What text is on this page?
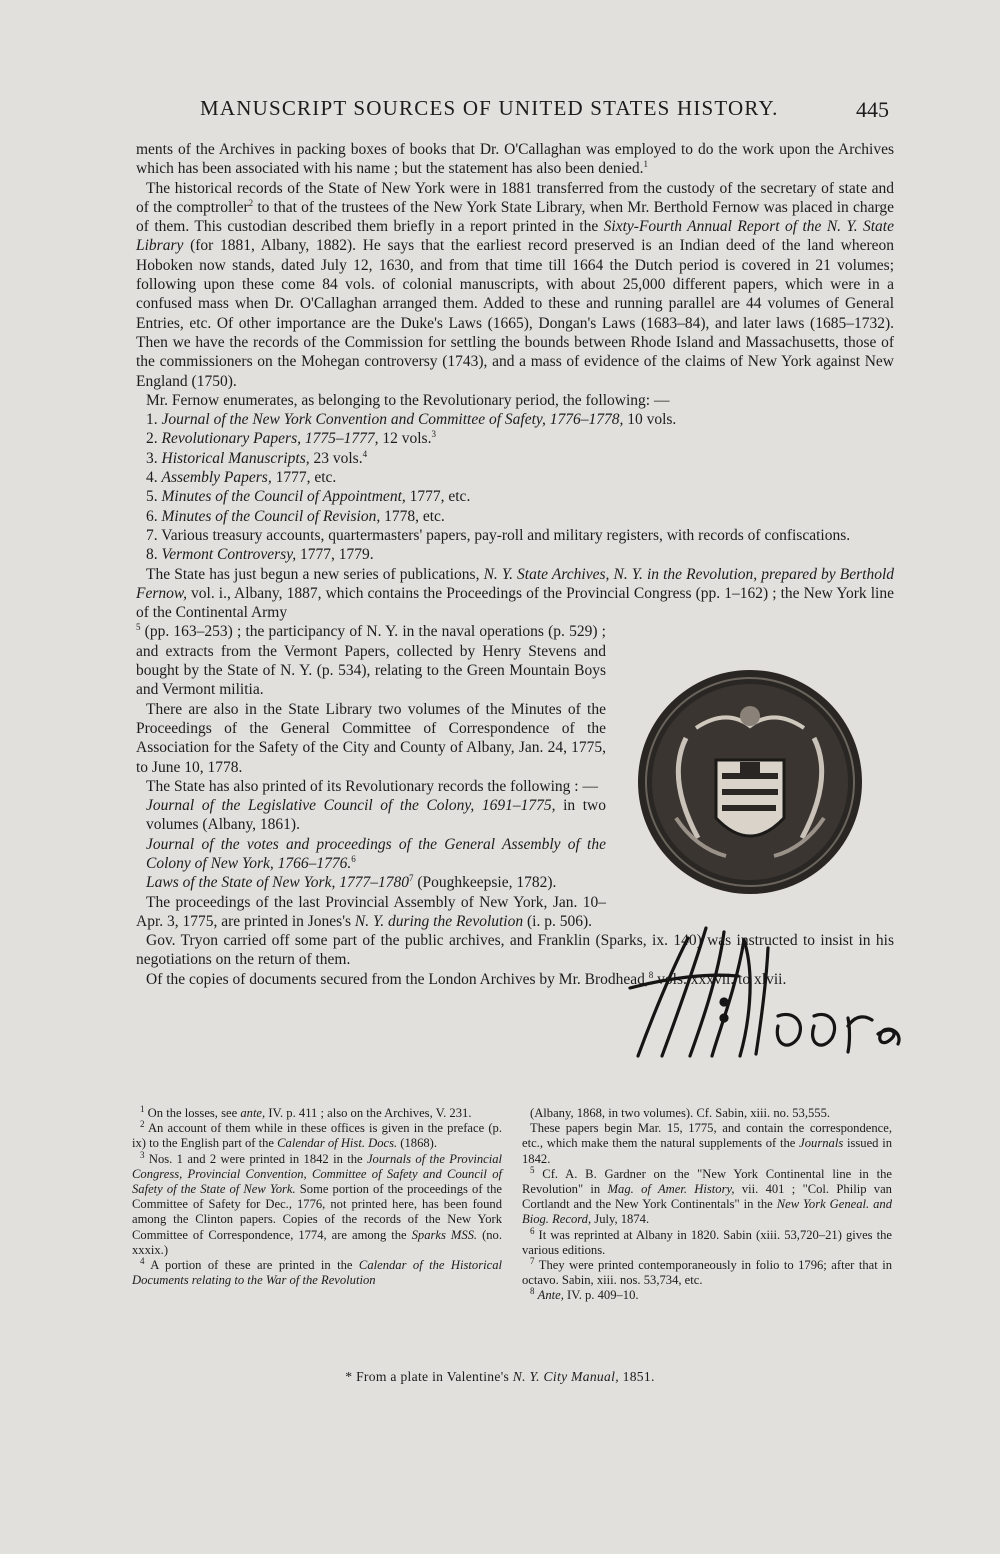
MANUSCRIPT SOURCES OF UNITED STATES HISTORY.	445

ments of the Archives in packing boxes of books that Dr. O'Callaghan was employed to do the work upon the Archives which has been associated with his name ; but the statement has also been denied.$^1$

The historical records of the State of New York were in 1881 transferred from the custody of the secretary of state and of the comptroller$^2$ to that of the trustees of the New York State Library, when Mr. Berthold Fernow was placed in charge of them. This custodian described them briefly in a report printed in the Sixty-Fourth Annual Report of the N. Y. State Library (for 1881, Albany, 1882). He says that the earliest record preserved is an Indian deed of the land whereon Hoboken now stands, dated July 12, 1630, and from that time till 1664 the Dutch period is covered in 21 volumes; following upon these come 84 vols. of colonial manuscripts, with about 25,000 different papers, which were in a confused mass when Dr. O'Callaghan arranged them. Added to these and running parallel are 44 volumes of General Entries, etc. Of other importance are the Duke's Laws (1665), Dongan's Laws (1683–84), and later laws (1685–1732). Then we have the records of the Commission for settling the bounds between Rhode Island and Massachusetts, those of the commissioners on the Mohegan controversy (1743), and a mass of evidence of the claims of New York against New England (1750).

Mr. Fernow enumerates, as belonging to the Revolutionary period, the following: —

1. Journal of the New York Convention and Committee of Safety, 1776–1778, 10 vols.

2. Revolutionary Papers, 1775–1777, 12 vols.$^3$

3. Historical Manuscripts, 23 vols.$^4$

4. Assembly Papers, 1777, etc.

5. Minutes of the Council of Appointment, 1777, etc.

6. Minutes of the Council of Revision, 1778, etc.

7. Various treasury accounts, quartermasters' papers, pay-roll and military registers, with records of confiscations.

8. Vermont Controversy, 1777, 1779.

The State has just begun a new series of publications, N. Y. State Archives, N. Y. in the Revolution, prepared by Berthold Fernow, vol. i., Albany, 1887, which contains the Proceedings of the Provincial Congress (pp. 1–162) ; the New York line of the Continental Army

$^5$ (pp. 163–253) ; the participancy of N. Y. in the naval operations (p. 529) ; and extracts from the Vermont Papers, collected by Henry Stevens and bought by the State of N. Y. (p. 534), relating to the Green Mountain Boys and Vermont militia.

There are also in the State Library two volumes of the Minutes of the Proceedings of the General Committee of Correspondence of the Association for the Safety of the City and County of Albany, Jan. 24, 1775, to June 10, 1778.

The State has also printed of its Revolutionary records the following : —

Journal of the Legislative Council of the Colony, 1691–1775, in two volumes (Albany, 1861).

Journal of the votes and proceedings of the General Assembly of the Colony of New York, 1766–1776.$^6$

Laws of the State of New York, 1777–1780$^7$ (Poughkeepsie, 1782).

The proceedings of the last Provincial Assembly of New York, Jan. 10–Apr. 3, 1775, are printed in Jones's N. Y. during the Revolution (i. p. 506).

Gov. Tryon carried off some part of the public archives, and Franklin (Sparks, ix. 140) was instructed to insist in his negotiations on the return of them.

Of the copies of documents secured from the London Archives by Mr. Brodhead,$^8$ vols. xxxvii. to xlvii.

$^1$ On the losses, see ante, IV. p. 411 ; also on the Archives, V. 231.

$^2$ An account of them while in these offices is given in the preface (p. ix) to the English part of the Calendar of Hist. Docs. (1868).

$^3$ Nos. 1 and 2 were printed in 1842 in the Journals of the Provincial Congress, Provincial Convention, Committee of Safety and Council of Safety of the State of New York. Some portion of the proceedings of the Committee of Safety for Dec., 1776, not printed here, has been found among the Clinton papers. Copies of the records of the New York Committee of Correspondence, 1774, are among the Sparks MSS. (no. xxxix.)

$^4$ A portion of these are printed in the Calendar of the Historical Documents relating to the War of the Revolution

(Albany, 1868, in two volumes). Cf. Sabin, xiii. no. 53,555.

These papers begin Mar. 15, 1775, and contain the correspondence, etc., which make them the natural supplements of the Journals issued in 1842.

$^5$ Cf. A. B. Gardner on the "New York Continental line in the Revolution" in Mag. of Amer. History, vii. 401 ; "Col. Philip van Cortlandt and the New York Continentals" in the New York Geneal. and Biog. Record, July, 1874.

$^6$ It was reprinted at Albany in 1820. Sabin (xiii. 53,720–21) gives the various editions.

$^7$ They were printed contemporaneously in folio to 1796; after that in octavo. Sabin, xiii. nos. 53,734, etc.

$^8$ Ante, IV. p. 409–10.

* From a plate in Valentine's N. Y. City Manual, 1851.
